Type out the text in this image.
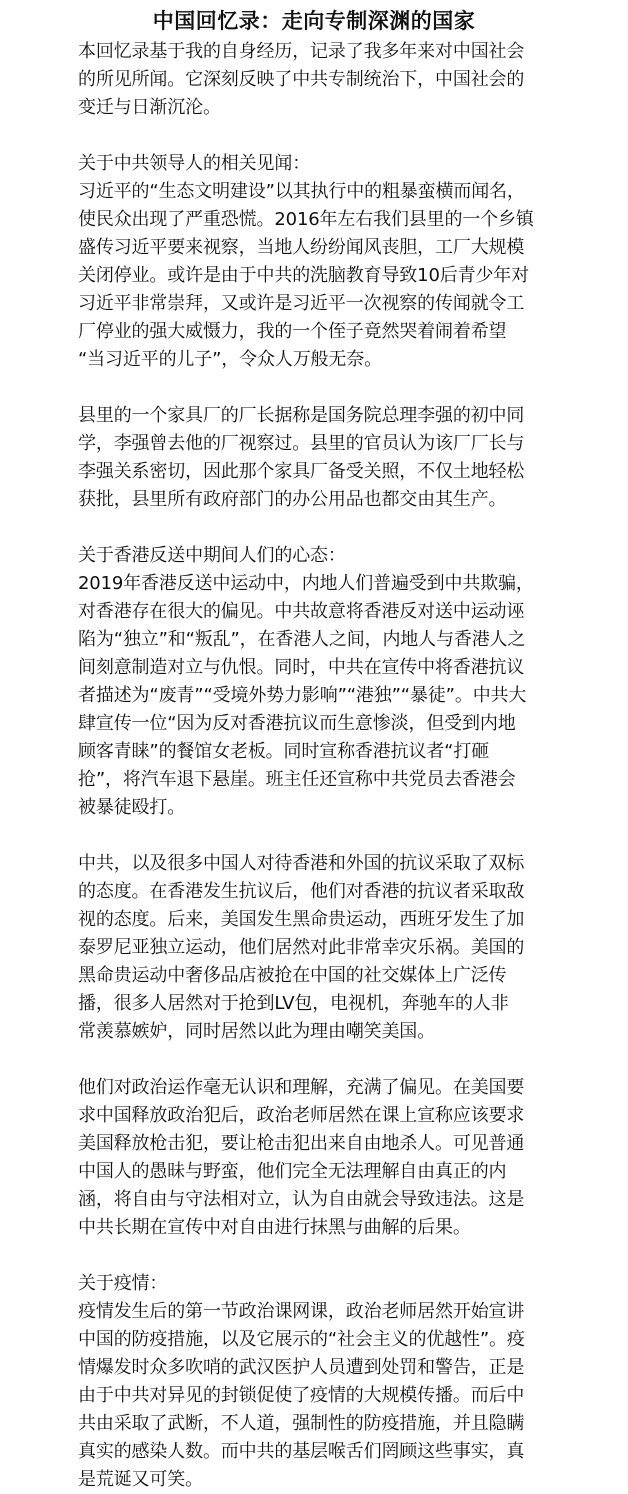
中国回忆录：走向专制深渊的国家
本回忆录基于我的自身经历，记录了我多年来对中国社会
的所见所闻。它深刻反映了中共专制统治下，中国社会的
变迁与日渐沉沦。
关于中共领导人的相关见闻：
习近平的“生态文明建设”以其执行中的粗暴蛮横而闻名，
使民众出现了严重恐慌。2016年左右我们县里的一个乡镇
盛传习近平要来视察，当地人纷纷闻风丧胆，工厂大规模
关闭停业。或许是由于中共的洗脑教育导致10后青少年对
习近平非常崇拜，又或许是习近平一次视察的传闻就令工
厂停业的强大威慑力，我的一个侄子竟然哭着闹着希望
“当习近平的儿子”，令众人万般无奈。
县里的一个家具厂的厂长据称是国务院总理李强的初中同
学，李强曾去他的厂视察过。县里的官员认为该厂厂长与
李强关系密切，因此那个家具厂备受关照，不仅土地轻松
获批，县里所有政府部门的办公用品也都交由其生产。
关于香港反送中期间人们的心态：
2019年香港反送中运动中，内地人们普遍受到中共欺骗，
对香港存在很大的偏见。中共故意将香港反对送中运动诬
陷为“独立”和“叛乱”，在香港人之间，内地人与香港人之
间刻意制造对立与仇恨。同时，中共在宣传中将香港抗议
者描述为“废青”“受境外势力影响”“港独”“暴徒”。中共大
肆宣传一位“因为反对香港抗议而生意惨淡，但受到内地
顾客青睐”的餐馆女老板。同时宣称香港抗议者“打砸
抢”，将汽车退下悬崖。班主任还宣称中共党员去香港会
被暴徒殴打。
中共，以及很多中国人对待香港和外国的抗议采取了双标
的态度。在香港发生抗议后，他们对香港的抗议者采取敌
视的态度。后来，美国发生黑命贵运动，西班牙发生了加
泰罗尼亚独立运动，他们居然对此非常幸灾乐祸。美国的
黑命贵运动中奢侈品店被抢在中国的社交媒体上广泛传
播，很多人居然对于抢到LV包，电视机，奔驰车的人非
常羡慕嫉妒，同时居然以此为理由嘲笑美国。
他们对政治运作毫无认识和理解，充满了偏见。在美国要
求中国释放政治犯后，政治老师居然在课上宣称应该要求
美国释放枪击犯，要让枪击犯出来自由地杀人。可见普通
中国人的愚昧与野蛮，他们完全无法理解自由真正的内
涵，将自由与守法相对立，认为自由就会导致违法。这是
中共长期在宣传中对自由进行抹黑与曲解的后果。
关于疫情：
疫情发生后的第一节政治课网课，政治老师居然开始宣讲
中国的防疫措施，以及它展示的“社会主义的优越性”。疫
情爆发时众多吹哨的武汉医护人员遭到处罚和警告，正是
由于中共对异见的封锁促使了疫情的大规模传播。而后中
共由采取了武断，不人道，强制性的防疫措施，并且隐瞒
真实的感染人数。而中共的基层喉舌们罔顾这些事实，真
是荒诞又可笑。
